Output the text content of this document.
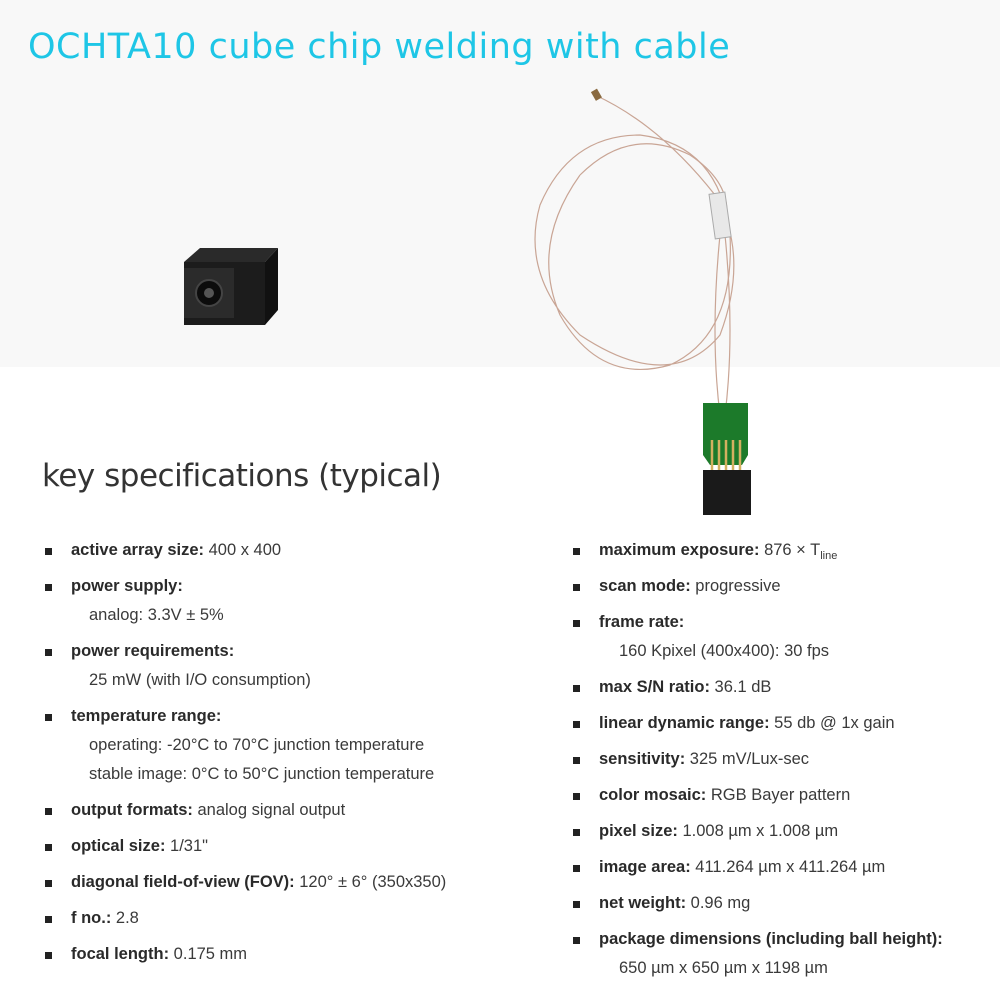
OCHTA10 cube chip welding with cable
key specifications (typical)
active array size: 400 x 400
power supply:
analog: 3.3V ± 5%
power requirements:
25 mW (with I/O consumption)
temperature range:
operating: -20°C to 70°C junction temperature
stable image: 0°C to 50°C junction temperature
output formats: analog signal output
optical size: 1/31"
diagonal field-of-view (FOV): 120° ± 6° (350x350)
f no.: 2.8
focal length: 0.175 mm
maximum exposure: $876 \times T_{line}$
scan mode: progressive
frame rate:
160 Kpixel (400x400): 30 fps
max S/N ratio: 36.1 dB
linear dynamic range: 55 db @ 1x gain
sensitivity: 325 mV/Lux-sec
color mosaic: RGB Bayer pattern
pixel size: 1.008 µm x 1.008 µm
image area: 411.264 µm x 411.264 µm
net weight: 0.96 mg
package dimensions (including ball height):
650 µm x 650 µm x 1198 µm
